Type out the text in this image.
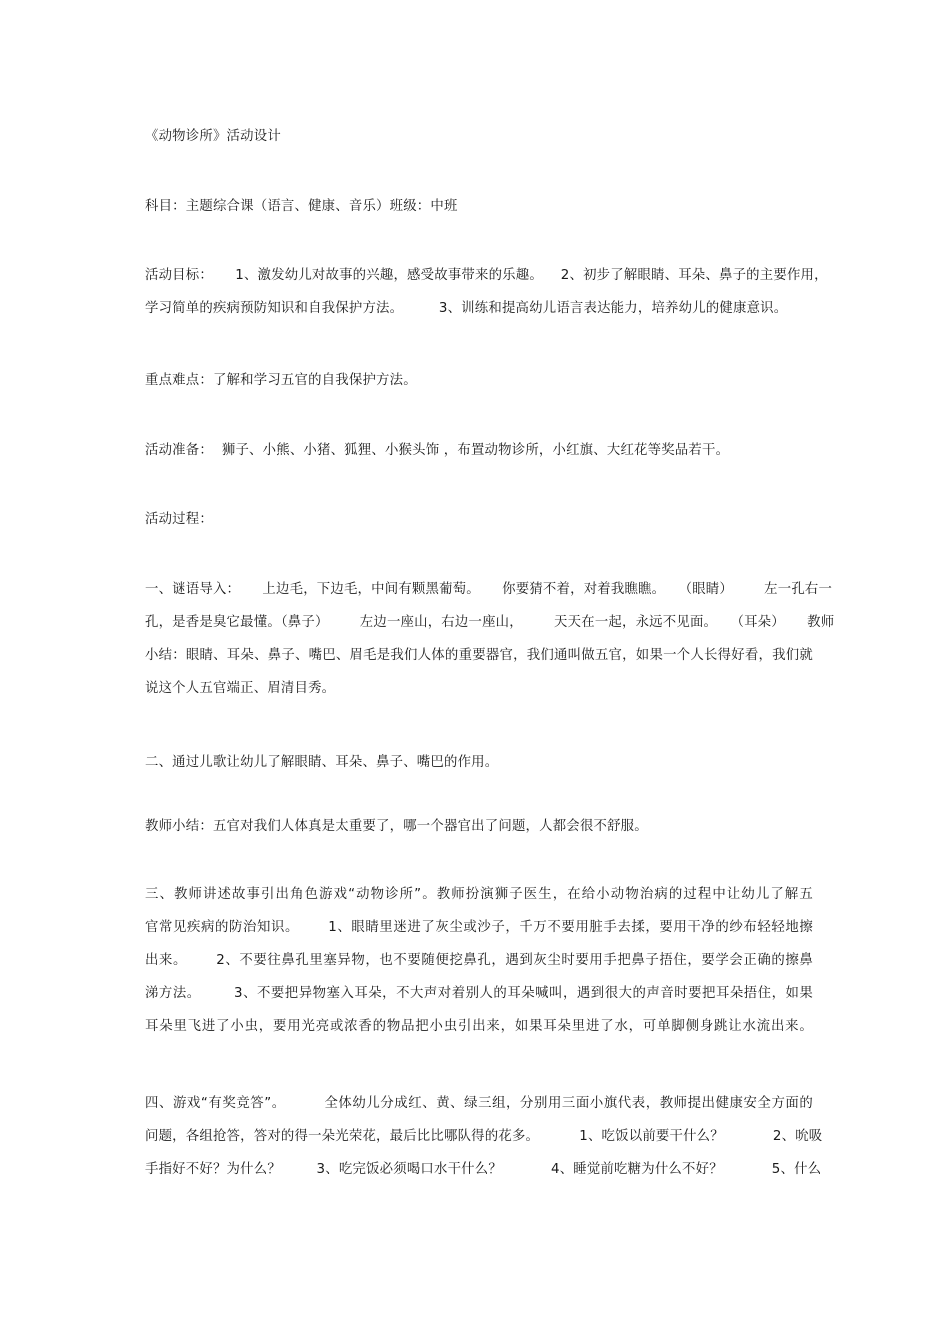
《动物诊所》活动设计

科目：主题综合课（语言、健康、音乐）班级：中班

活动目标：     1、激发幼儿对故事的兴趣，感受故事带来的乐趣。    2、初步了解眼睛、耳朵、鼻子的主要作用，
学习简单的疾病预防知识和自我保护方法。        3、训练和提高幼儿语言表达能力，培养幼儿的健康意识。

重点难点：了解和学习五官的自我保护方法。

活动准备：  狮子、小熊、小猪、狐狸、小猴头饰 ，布置动物诊所，小红旗、大红花等奖品若干。

活动过程：

一、谜语导入：     上边毛，下边毛，中间有颗黑葡萄。     你要猜不着，对着我瞧瞧。   （眼睛）       左一孔右一
孔，是香是臭它最懂。（鼻子）       左边一座山，右边一座山，       天天在一起，永远不见面。   （耳朵）     教师
小结：眼睛、耳朵、鼻子、嘴巴、眉毛是我们人体的重要器官，我们通叫做五官，如果一个人长得好看，我们就
说这个人五官端正、眉清目秀。

二、通过儿歌让幼儿了解眼睛、耳朵、鼻子、嘴巴的作用。

教师小结：五官对我们人体真是太重要了，哪一个器官出了问题，人都会很不舒服。

三、教师讲述故事引出角色游戏“动物诊所”。教师扮演狮子医生，在给小动物治病的过程中让幼儿了解五
官常见疾病的防治知识。      1、眼睛里迷进了灰尘或沙子，千万不要用脏手去揉，要用干净的纱布轻轻地擦
出来。      2、不要往鼻孔里塞异物，也不要随便挖鼻孔，遇到灰尘时要用手把鼻子捂住，要学会正确的擦鼻
涕方法。       3、不要把异物塞入耳朵，不大声对着别人的耳朵喊叫，遇到很大的声音时要把耳朵捂住，如果
耳朵里飞进了小虫，要用光亮或浓香的物品把小虫引出来，如果耳朵里进了水，可单脚侧身跳让水流出来。

四、游戏“有奖竞答”。        全体幼儿分成红、黄、绿三组，分别用三面小旗代表，教师提出健康安全方面的
问题，各组抢答，答对的得一朵光荣花，最后比比哪队得的花多。         1、吃饭以前要干什么？           2、吮吸
手指好不好？为什么？        3、吃完饭必须喝口水干什么？           4、睡觉前吃糖为什么不好？           5、什么
